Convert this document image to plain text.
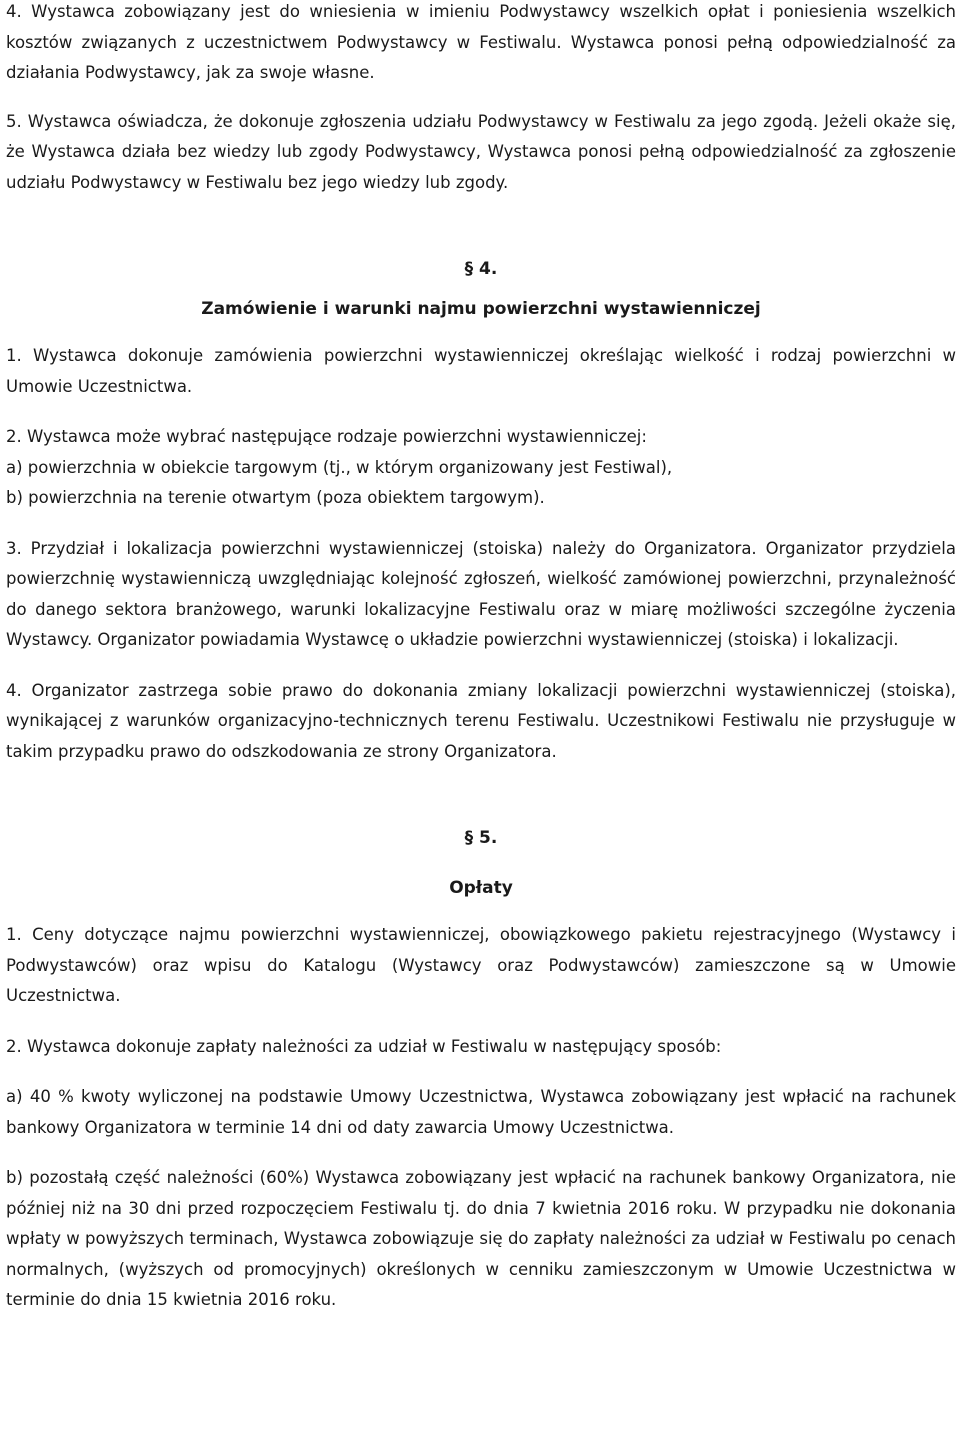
4. Wystawca zobowiązany jest do wniesienia w imieniu Podwystawcy wszelkich opłat i poniesienia wszelkich kosztów związanych z uczestnictwem Podwystawcy w Festiwalu. Wystawca ponosi pełną odpowiedzialność za działania Podwystawcy, jak za swoje własne.

5. Wystawca oświadcza, że dokonuje zgłoszenia udziału Podwystawcy w Festiwalu za jego zgodą. Jeżeli okaże się, że Wystawca działa bez wiedzy lub zgody Podwystawcy, Wystawca ponosi pełną odpowiedzialność za zgłoszenie udziału Podwystawcy w Festiwalu bez jego wiedzy lub zgody.

§ 4.

Zamówienie i warunki najmu powierzchni wystawienniczej

1. Wystawca dokonuje zamówienia powierzchni wystawienniczej określając wielkość i rodzaj powierzchni w Umowie Uczestnictwa.

2. Wystawca może wybrać następujące rodzaje powierzchni wystawienniczej:

a) powierzchnia w obiekcie targowym (tj., w którym organizowany jest Festiwal),

b) powierzchnia na terenie otwartym (poza obiektem targowym).

3. Przydział i lokalizacja powierzchni wystawienniczej (stoiska) należy do Organizatora. Organizator przydziela powierzchnię wystawienniczą uwzględniając kolejność zgłoszeń, wielkość zamówionej powierzchni, przynależność do danego sektora branżowego, warunki lokalizacyjne Festiwalu oraz w miarę możliwości szczególne życzenia Wystawcy. Organizator powiadamia Wystawcę o układzie powierzchni wystawienniczej (stoiska) i lokalizacji.

4. Organizator zastrzega sobie prawo do dokonania zmiany lokalizacji powierzchni wystawienniczej (stoiska), wynikającej z warunków organizacyjno-technicznych terenu Festiwalu. Uczestnikowi Festiwalu nie przysługuje w takim przypadku prawo do odszkodowania ze strony Organizatora.

§ 5.

Opłaty

1. Ceny dotyczące najmu powierzchni wystawienniczej, obowiązkowego pakietu rejestracyjnego (Wystawcy i Podwystawców) oraz wpisu do Katalogu (Wystawcy oraz Podwystawców) zamieszczone są w Umowie Uczestnictwa.

2. Wystawca dokonuje zapłaty należności za udział w Festiwalu w następujący sposób:

a) 40 % kwoty wyliczonej na podstawie Umowy Uczestnictwa, Wystawca zobowiązany jest wpłacić na rachunek bankowy Organizatora w terminie 14 dni od daty zawarcia Umowy Uczestnictwa.

b) pozostałą część należności (60%) Wystawca zobowiązany jest wpłacić na rachunek bankowy Organizatora, nie później niż na 30 dni przed rozpoczęciem Festiwalu tj. do dnia 7 kwietnia 2016 roku. W przypadku nie dokonania wpłaty w powyższych terminach, Wystawca zobowiązuje się do zapłaty należności za udział w Festiwalu po cenach normalnych, (wyższych od promocyjnych) określonych w cenniku zamieszczonym w Umowie Uczestnictwa w terminie do dnia 15 kwietnia 2016 roku.
